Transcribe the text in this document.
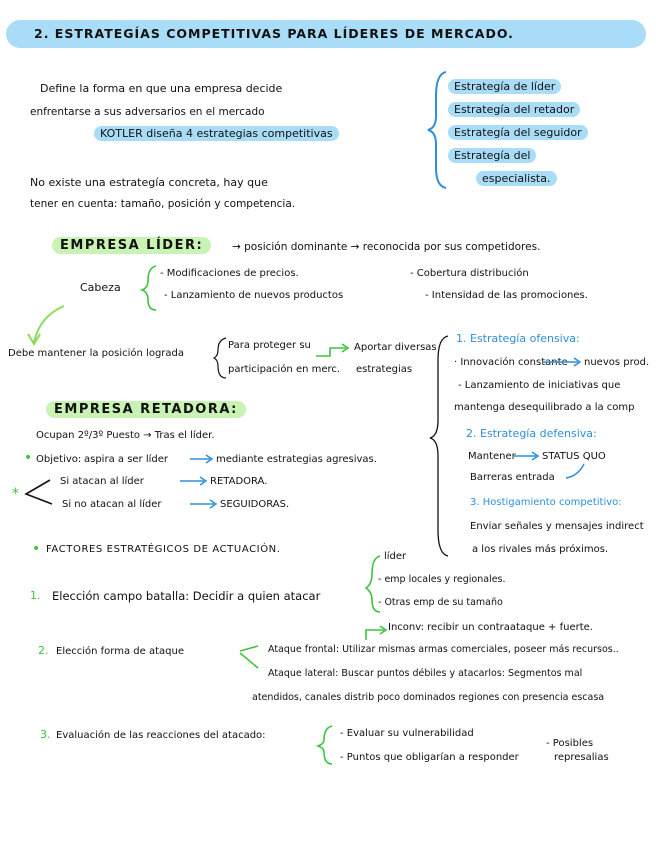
2. ESTRATEGÍAS COMPETITIVAS PARA LÍDERES DE MERCADO.
Define la forma en que una empresa decide
enfrentarse a sus adversarios en el mercado
KOTLER diseña 4 estrategias competitivas
Estrategía de líder
Estrategía del retador
Estrategía del seguidor
Estrategía del
especialista.
No existe una estrategía concreta, hay que
tener en cuenta: tamaño, posición y competencia.
EMPRESA LÍDER:	→ posición dominante → reconocida por sus competidores.
Cabeza
- Modificaciones de precios.	- Cobertura distribución
- Lanzamiento de nuevos productos	- Intensidad de las promociones.
Debe mantener la posición lograda
Para proteger su
participación en merc.
Aportar diversas
estrategias
1. Estrategía ofensiva:
· Innovación constante nuevos prod.
- Lanzamiento de iniciativas que
mantenga desequilibrado a la comp
2. Estrategía defensiva:
Mantener	STATUS QUO
Barreras entrada
3. Hostigamiento competitivo:
Enviar señales y mensajes indirect
a los rivales más próximos.
EMPRESA RETADORA:
Ocupan 2º/3º Puesto → Tras el líder.
• Objetivo: aspira a ser líder	mediante estrategias agresivas.
*
Si atacan al líder	RETADORA.
Si no atacan al líder	SEGUIDORAS.
• FACTORES ESTRATÉGICOS DE ACTUACIÓN.
1. Elección campo batalla: Decidir a quien atacar
líder
- emp locales y regionales.
- Otras emp de su tamaño
2. Elección forma de ataque
Inconv: recibir un contraataque + fuerte.
Ataque frontal: Utilizar mismas armas comerciales, poseer más recursos..
Ataque lateral: Buscar puntos débiles y atacarlos: Segmentos mal
atendidos, canales distrib poco dominados regiones con presencia escasa
3. Evaluación de las reacciones del atacado:	- Evaluar su vulnerabilidad
- Puntos que obligarían a responder
- Posibles
represalias
